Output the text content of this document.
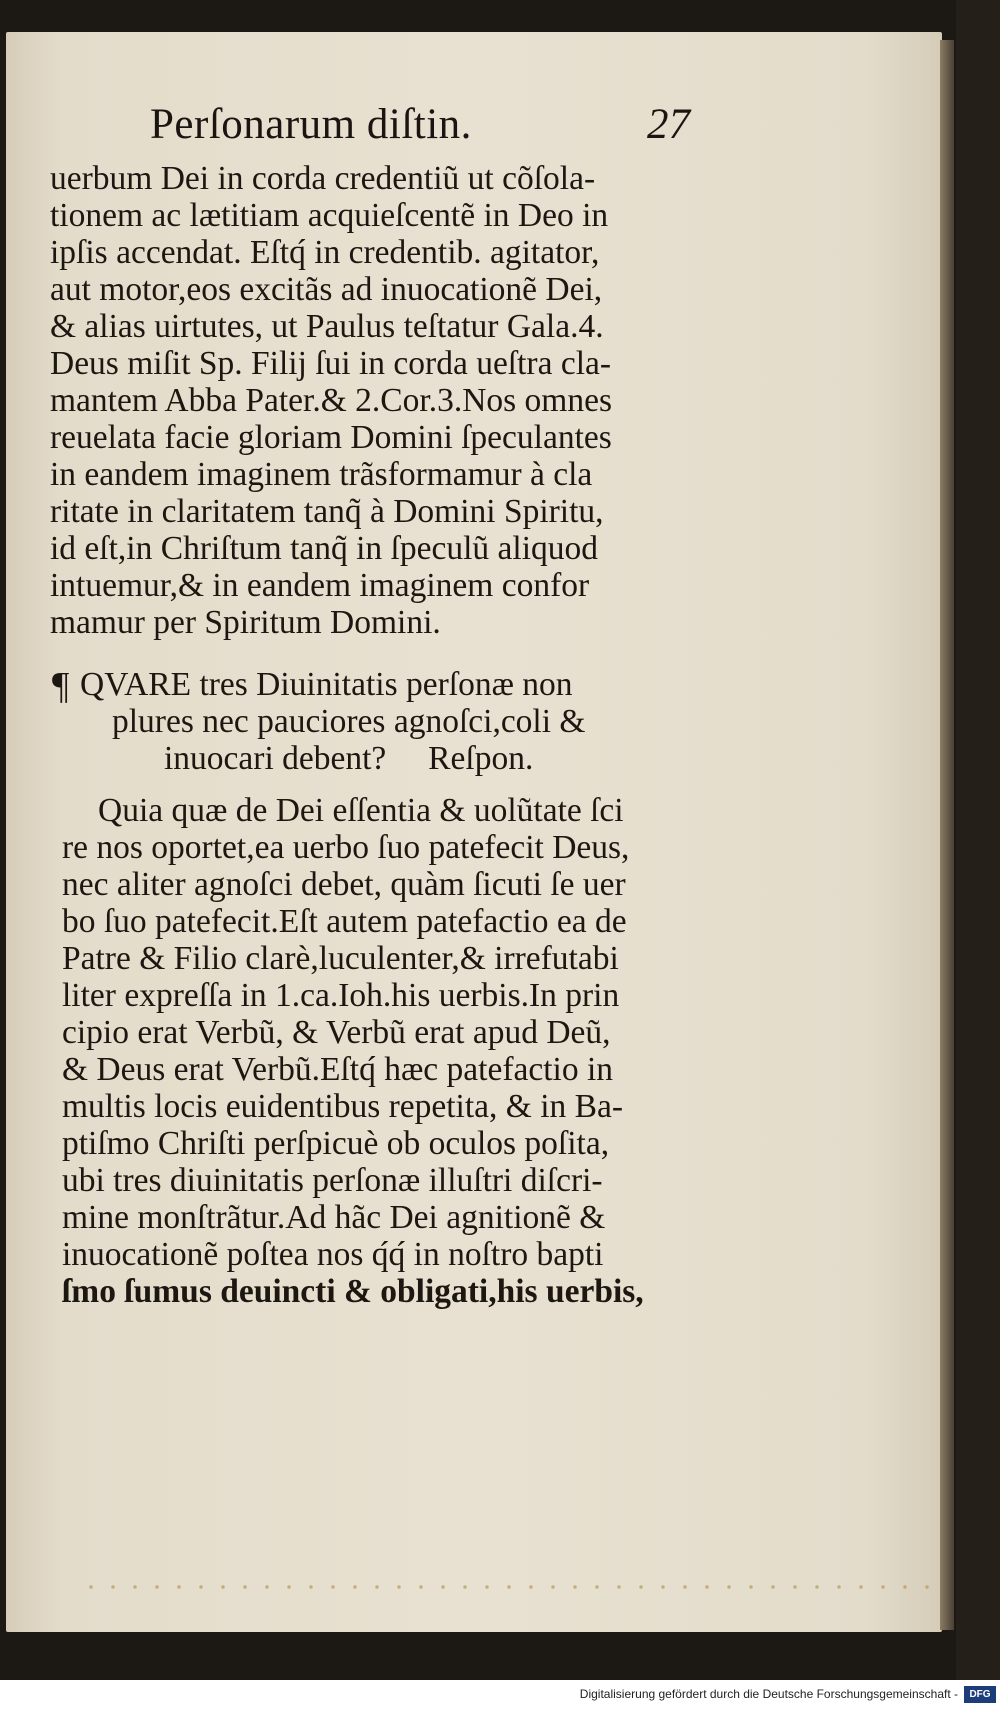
Perſonarum diſtin.	27
uerbum Dei in corda credentiũ ut cõſola-
tionem ac lætitiam acquieſcentẽ in Deo in
ipſis accendat. Eſtq́ in credentib. agitator,
aut motor,eos excitãs ad inuocationẽ Dei,
& alias uirtutes, ut Paulus teſtatur Gala.4.
Deus miſit Sp. Filij ſui in corda ueſtra cla-
mantem Abba Pater.& 2.Cor.3.Nos omnes
reuelata facie gloriam Domini ſpeculantes
in eandem imaginem trãsformamur à cla
ritate in claritatem tanq̃ à Domini Spiritu,
id eſt,in Chriſtum tanq̃ in ſpeculũ aliquod
intuemur,& in eandem imaginem confor
mamur per Spiritum Domini.
¶ QVARE tres Diuinitatis perſonæ non
plures nec pauciores agnoſci,coli &
inuocari debent?     Reſpon.
Quia quæ de Dei eſſentia & uolũtate ſci
re nos oportet,ea uerbo ſuo patefecit Deus,
nec aliter agnoſci debet, quàm ſicuti ſe uer
bo ſuo patefecit.Eſt autem patefactio ea de
Patre & Filio clarè,luculenter,& irrefutabi
liter expreſſa in 1.ca.Ioh.his uerbis.In prin
cipio erat Verbũ, & Verbũ erat apud Deũ,
& Deus erat Verbũ.Eſtq́ hæc patefactio in
multis locis euidentibus repetita, & in Ba-
ptiſmo Chriſti perſpicuè ob oculos poſita,
ubi tres diuinitatis perſonæ illuſtri diſcri-
mine monſtrãtur.Ad hãc Dei agnitionẽ &
inuocationẽ poſtea nos q́q́ in noſtro bapti
ſmo ſumus deuincti & obligati,his uerbis,
Digitalisierung gefördert durch die Deutsche Forschungsgemeinschaft -	DFG
